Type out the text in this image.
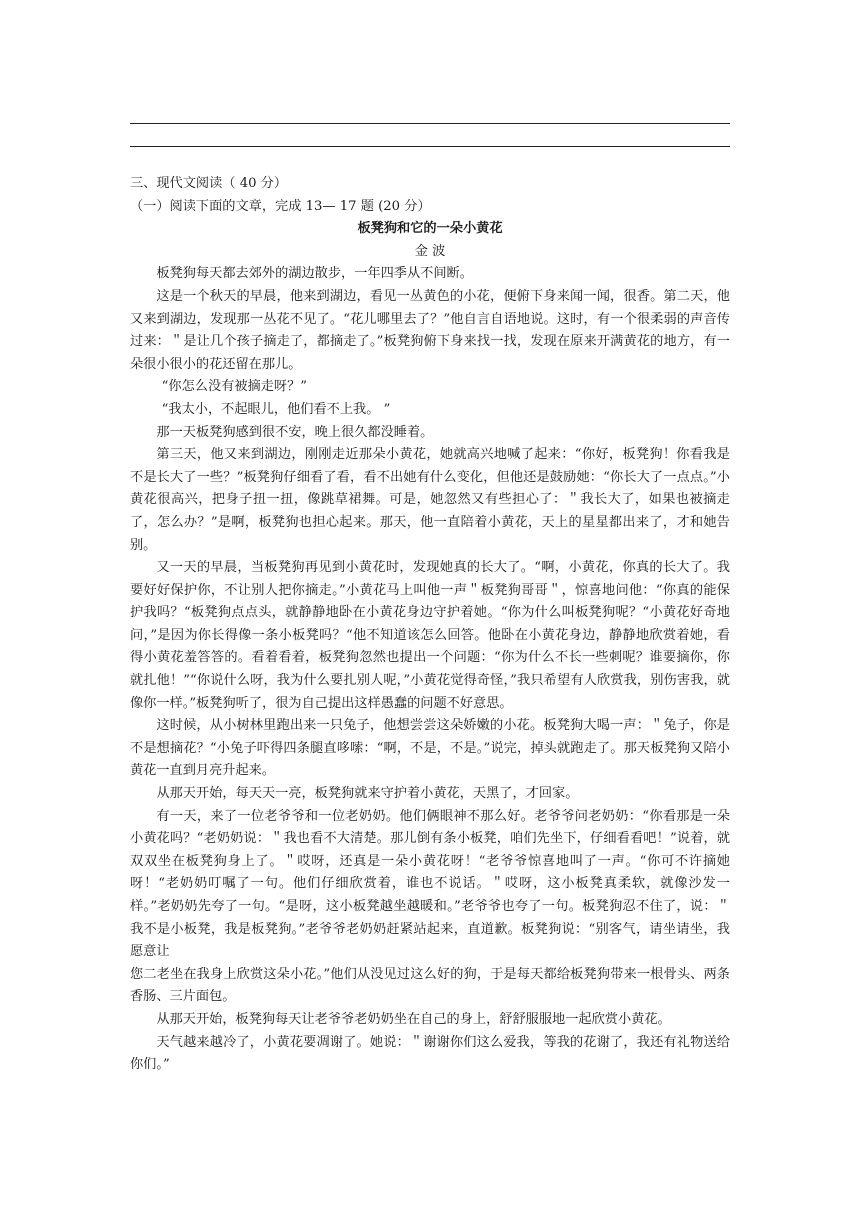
三、现代文阅读（ 40 分）

（一）阅读下面的文章，完成 13— 17 题 (20 分）

板凳狗和它的一朵小黄花

金 波

板凳狗每天都去郊外的湖边散步，一年四季从不间断。

这是一个秋天的早晨，他来到湖边，看见一丛黄色的小花，便俯下身来闻一闻，很香。第二天，他又来到湖边，发现那一丛花不见了。“花儿哪里去了？”他自言自语地说。这时，有一个很柔弱的声音传过来：＂是让几个孩子摘走了，都摘走了。”板凳狗俯下身来找一找，发现在原来开满黄花的地方，有一朵很小很小的花还留在那儿。

“你怎么没有被摘走呀？”

“我太小，不起眼儿，他们看不上我。 ”

那一天板凳狗感到很不安，晚上很久都没睡着。

第三天，他又来到湖边，刚刚走近那朵小黄花，她就高兴地喊了起来：“你好，板凳狗！你看我是不是长大了一些？”板凳狗仔细看了看，看不出她有什么变化，但他还是鼓励她：“你长大了一点点。”小黄花很高兴，把身子扭一扭，像跳草裙舞。可是，她忽然又有些担心了：＂我长大了，如果也被摘走了，怎么办？”是啊，板凳狗也担心起来。那天，他一直陪着小黄花，天上的星星都出来了，才和她告别。

又一天的早晨，当板凳狗再见到小黄花时，发现她真的长大了。“啊，小黄花，你真的长大了。我要好好保护你，不让别人把你摘走。”小黄花马上叫他一声＂板凳狗哥哥＂，惊喜地问他：“你真的能保护我吗？“板凳狗点点头，就静静地卧在小黄花身边守护着她。“你为什么叫板凳狗呢？“小黄花好奇地问，”是因为你长得像一条小板凳吗？“他不知道该怎么回答。他卧在小黄花身边，静静地欣赏着她，看得小黄花羞答答的。看着看着，板凳狗忽然也提出一个问题：“你为什么不长一些刺呢？谁要摘你，你就扎他！”“你说什么呀，我为什么要扎别人呢，”小黄花觉得奇怪，”我只希望有人欣赏我，别伤害我，就像你一样。”板凳狗听了，很为自己提出这样愚蠢的问题不好意思。

这时候，从小树林里跑出来一只兔子，他想尝尝这朵娇嫩的小花。板凳狗大喝一声：＂兔子，你是不是想摘花？“小兔子吓得四条腿直哆嗦：“啊，不是，不是。”说完，掉头就跑走了。那天板凳狗又陪小黄花一直到月亮升起来。

从那天开始，每天天一亮，板凳狗就来守护着小黄花，天黑了，才回家。

有一天，来了一位老爷爷和一位老奶奶。他们俩眼神不那么好。老爷爷问老奶奶：“你看那是一朵小黄花吗？“老奶奶说：＂我也看不大清楚。那儿倒有条小板凳，咱们先坐下，仔细看看吧！”说着，就双双坐在板凳狗身上了。＂哎呀，还真是一朵小黄花呀！“老爷爷惊喜地叫了一声。“你可不许摘她呀！“老奶奶叮嘱了一句。他们仔细欣赏着，谁也不说话。＂哎呀，这小板凳真柔软，就像沙发一样。”老奶奶先夸了一句。“是呀，这小板凳越坐越暖和。”老爷爷也夸了一句。板凳狗忍不住了，说：＂我不是小板凳，我是板凳狗。”老爷爷老奶奶赶紧站起来，直道歉。板凳狗说：“别客气，请坐请坐，我愿意让

您二老坐在我身上欣赏这朵小花。”他们从没见过这么好的狗，于是每天都给板凳狗带来一根骨头、两条香肠、三片面包。

从那天开始，板凳狗每天让老爷爷老奶奶坐在自己的身上，舒舒服服地一起欣赏小黄花。

天气越来越冷了，小黄花要凋谢了。她说：＂谢谢你们这么爱我，等我的花谢了，我还有礼物送给你们。”
